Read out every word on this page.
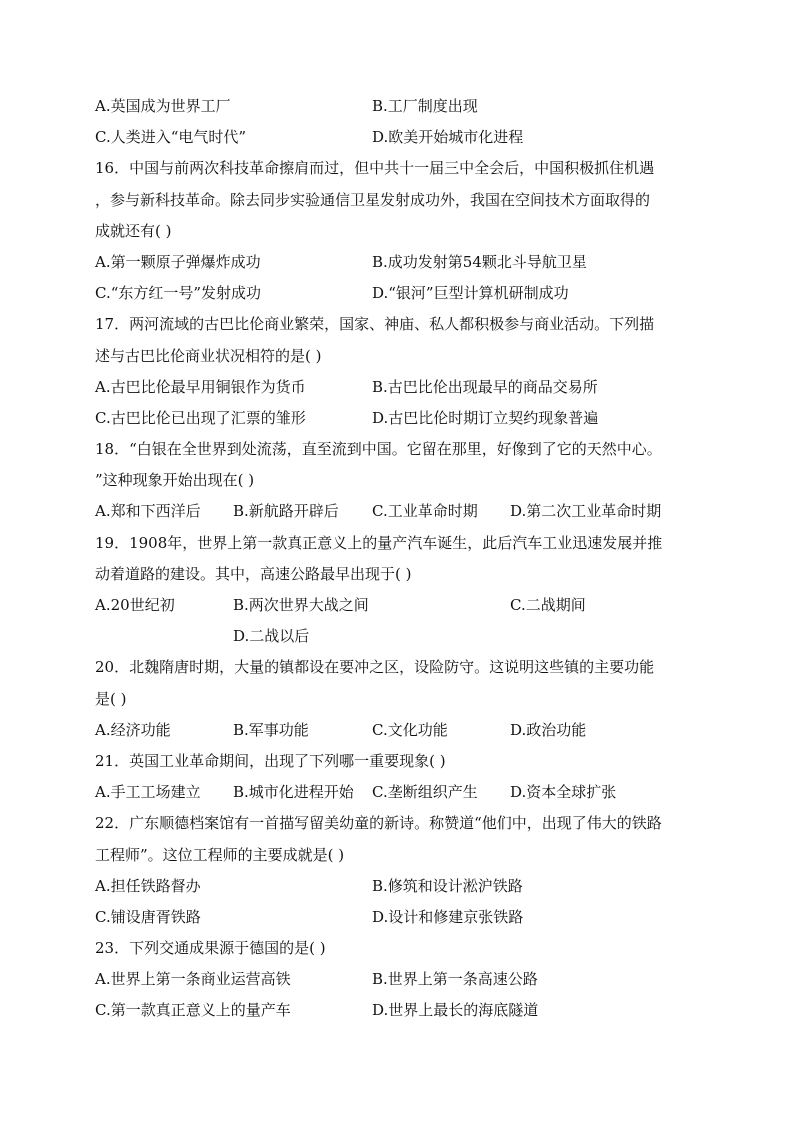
A.英国成为世界工厂	B.工厂制度出现
C.人类进入“电气时代”	D.欧美开始城市化进程
16．中国与前两次科技革命擦肩而过，但中共十一届三中全会后，中国积极抓住机遇
，参与新科技革命。除去同步实验通信卫星发射成功外，我国在空间技术方面取得的
成就还有( )
A.第一颗原子弹爆炸成功	B.成功发射第54颗北斗导航卫星
C.“东方红一号”发射成功	D.“银河”巨型计算机研制成功
17．两河流域的古巴比伦商业繁荣，国家、神庙、私人都积极参与商业活动。下列描
述与古巴比伦商业状况相符的是( )
A.古巴比伦最早用铜银作为货币	B.古巴比伦出现最早的商品交易所
C.古巴比伦已出现了汇票的雏形	D.古巴比伦时期订立契约现象普遍
18．“白银在全世界到处流荡，直至流到中国。它留在那里，好像到了它的天然中心。
”这种现象开始出现在( )
A.郑和下西洋后 B.新航路开辟后 C.工业革命时期 D.第二次工业革命时期
19．1908年，世界上第一款真正意义上的量产汽车诞生，此后汽车工业迅速发展并推
动着道路的建设。其中，高速公路最早出现于( )
A.20世纪初	B.两次世界大战之间	C.二战期间
D.二战以后
20．北魏隋唐时期，大量的镇都设在要冲之区，设险防守。这说明这些镇的主要功能
是( )
A.经济功能	B.军事功能	C.文化功能	D.政治功能
21．英国工业革命期间，出现了下列哪一重要现象( )
A.手工工场建立 B.城市化进程开始 C.垄断组织产生 D.资本全球扩张
22．广东顺德档案馆有一首描写留美幼童的新诗。称赞道“他们中，出现了伟大的铁路
工程师”。这位工程师的主要成就是( )
A.担任铁路督办	B.修筑和设计淞沪铁路
C.铺设唐胥铁路	D.设计和修建京张铁路
23．下列交通成果源于德国的是( )
A.世界上第一条商业运营高铁	B.世界上第一条高速公路
C.第一款真正意义上的量产车	D.世界上最长的海底隧道
